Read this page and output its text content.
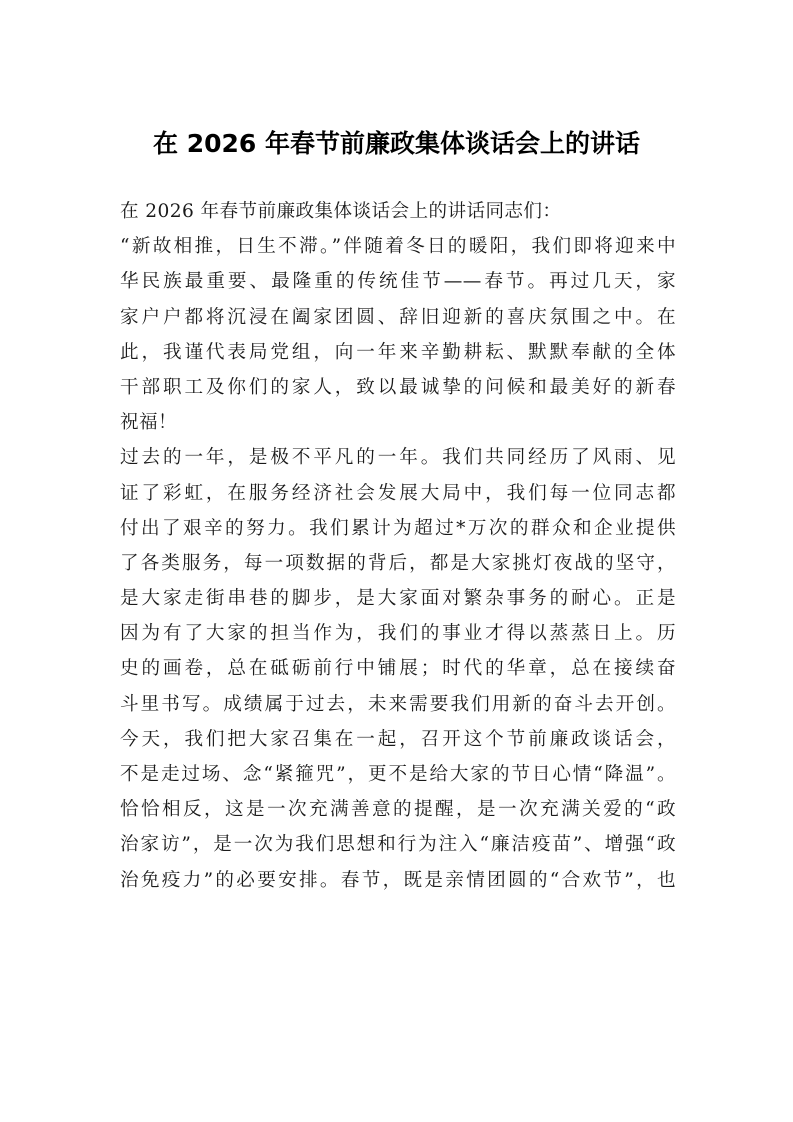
在 2026 年春节前廉政集体谈话会上的讲话
在 2026 年春节前廉政集体谈话会上的讲话同志们：
“新故相推，日生不滞。”伴随着冬日的暖阳，我们即将迎来中
华民族最重要、最隆重的传统佳节——春节。再过几天，家
家户户都将沉浸在阖家团圆、辞旧迎新的喜庆氛围之中。在
此，我谨代表局党组，向一年来辛勤耕耘、默默奉献的全体
干部职工及你们的家人，致以最诚挚的问候和最美好的新春
祝福！
过去的一年，是极不平凡的一年。我们共同经历了风雨、见
证了彩虹，在服务经济社会发展大局中，我们每一位同志都
付出了艰辛的努力。我们累计为超过*万次的群众和企业提供
了各类服务，每一项数据的背后，都是大家挑灯夜战的坚守，
是大家走街串巷的脚步，是大家面对繁杂事务的耐心。正是
因为有了大家的担当作为，我们的事业才得以蒸蒸日上。历
史的画卷，总在砥砺前行中铺展；时代的华章，总在接续奋
斗里书写。成绩属于过去，未来需要我们用新的奋斗去开创。
今天，我们把大家召集在一起，召开这个节前廉政谈话会，
不是走过场、念“紧箍咒”，更不是给大家的节日心情“降温”。
恰恰相反，这是一次充满善意的提醒，是一次充满关爱的“政
治家访”，是一次为我们思想和行为注入“廉洁疫苗”、增强“政
治免疫力”的必要安排。春节，既是亲情团圆的“合欢节”，也
